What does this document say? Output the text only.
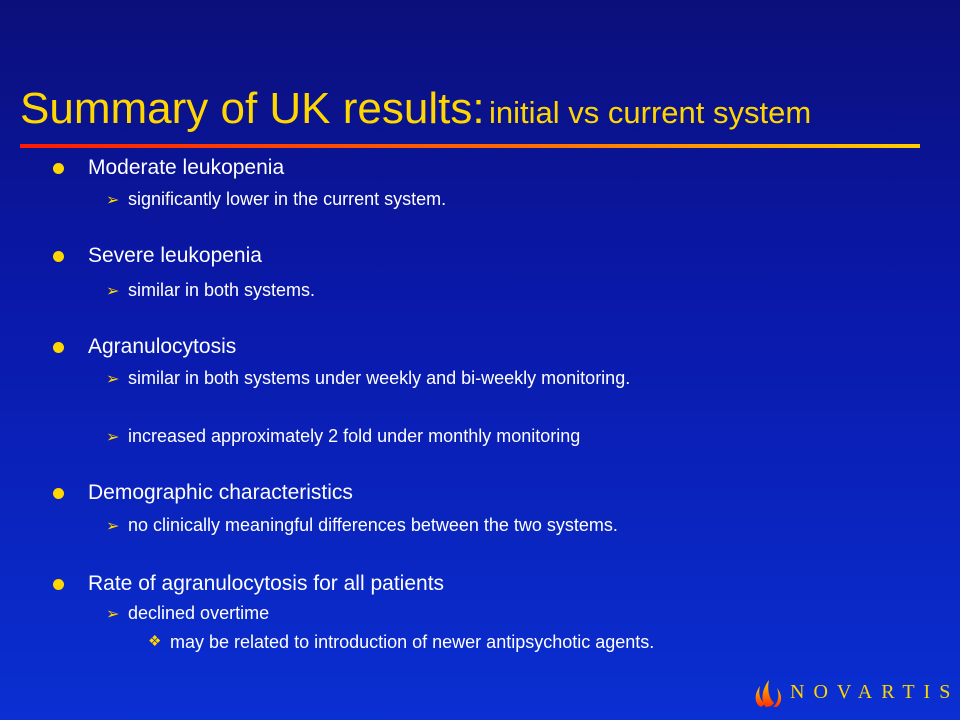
Summary of UK results: initial vs current system
Moderate leukopenia
➢ significantly lower in the current system.
Severe leukopenia
➢ similar in both systems.
Agranulocytosis
➢ similar in both systems under weekly and bi-weekly monitoring.
➢ increased approximately 2 fold under monthly monitoring
Demographic characteristics
➢ no clinically meaningful differences between the two systems.
Rate of agranulocytosis for all patients
➢ declined overtime
❖ may be related to introduction of newer antipsychotic agents.
NOVARTIS
